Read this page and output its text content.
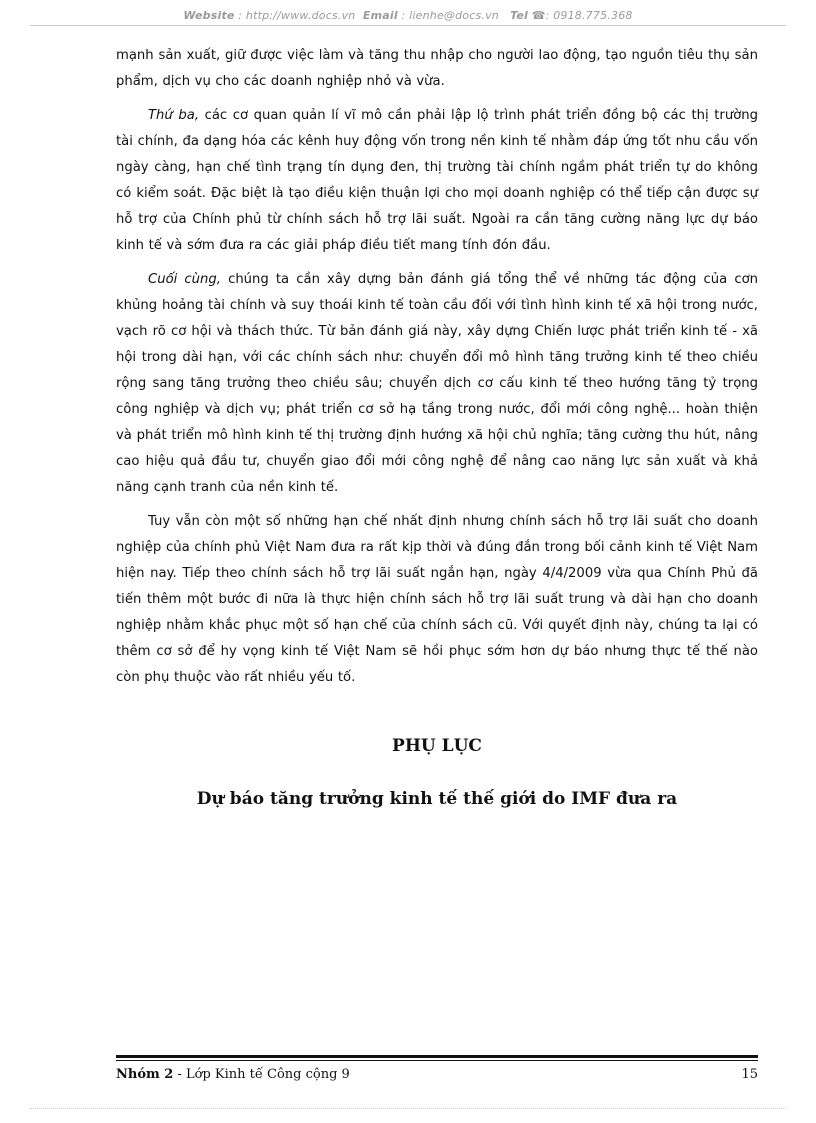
Website : http://www.docs.vn Email : lienhe@docs.vn Tel ☎: 0918.775.368

mạnh sản xuất, giữ được việc làm và tăng thu nhập cho người lao động, tạo nguồn tiêu thụ sản phẩm, dịch vụ cho các doanh nghiệp nhỏ và vừa.

Thứ ba, các cơ quan quản lí vĩ mô cần phải lập lộ trình phát triển đồng bộ các thị trường tài chính, đa dạng hóa các kênh huy động vốn trong nền kinh tế nhằm đáp ứng tốt nhu cầu vốn ngày càng, hạn chế tình trạng tín dụng đen, thị trường tài chính ngầm phát triển tự do không có kiểm soát. Đặc biệt là tạo điều kiện thuận lợi cho mọi doanh nghiệp có thể tiếp cận được sự hỗ trợ của Chính phủ từ chính sách hỗ trợ lãi suất. Ngoài ra cần tăng cường năng lực dự báo kinh tế và sớm đưa ra các giải pháp điều tiết mang tính đón đầu.

Cuối cùng, chúng ta cần xây dựng bản đánh giá tổng thể về những tác động của cơn khủng hoảng tài chính và suy thoái kinh tế toàn cầu đối với tình hình kinh tế xã hội trong nước, vạch rõ cơ hội và thách thức. Từ bản đánh giá này, xây dựng Chiến lược phát triển kinh tế - xã hội trong dài hạn, với các chính sách như: chuyển đổi mô hình tăng trưởng kinh tế theo chiều rộng sang tăng trưởng theo chiều sâu; chuyển dịch cơ cấu kinh tế theo hướng tăng tỷ trọng công nghiệp và dịch vụ; phát triển cơ sở hạ tầng trong nước, đổi mới công nghệ... hoàn thiện và phát triển mô hình kinh tế thị trường định hướng xã hội chủ nghĩa; tăng cường thu hút, nâng cao hiệu quả đầu tư, chuyển giao đổi mới công nghệ để nâng cao năng lực sản xuất và khả năng cạnh tranh của nền kinh tế.

Tuy vẫn còn một số những hạn chế nhất định nhưng chính sách hỗ trợ lãi suất cho doanh nghiệp của chính phủ Việt Nam đưa ra rất kịp thời và đúng đắn trong bối cảnh kinh tế Việt Nam hiện nay. Tiếp theo chính sách hỗ trợ lãi suất ngắn hạn, ngày 4/4/2009 vừa qua Chính Phủ đã tiến thêm một bước đi nữa là thực hiện chính sách hỗ trợ lãi suất trung và dài hạn cho doanh nghiệp nhằm khắc phục một số hạn chế của chính sách cũ. Với quyết định này, chúng ta lại có thêm cơ sở để hy vọng kinh tế Việt Nam sẽ hồi phục sớm hơn dự báo nhưng thực tế thế nào còn phụ thuộc vào rất nhiều yếu tố.

PHỤ LỤC
Dự báo tăng trưởng kinh tế thế giới do IMF đưa ra
Nhóm 2 - Lớp Kinh tế Công cộng 9	15
